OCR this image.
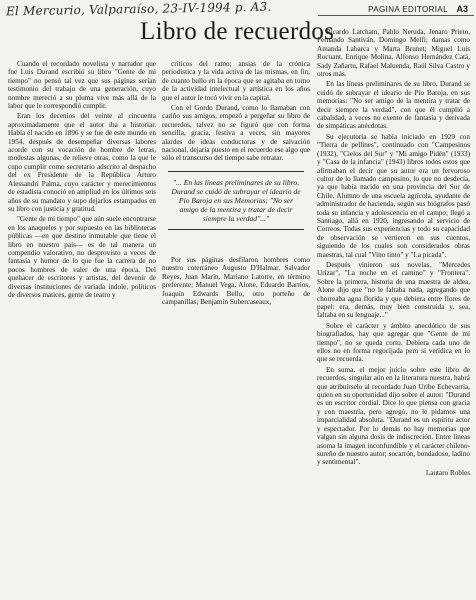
El Mercurio, Valparaíso, 23-IV-1994 p. A3.	PAGINA EDITORIAL A3
Libro de recuerdos

Cuando el recordado novelista y narrador que fue Luis Durand escribió su libro "Gente de mi tiempo" no pensó tal vez que sus páginas serían testimonio del trabajo de una generación, cuyo nombre mereció a su pluma vive más allá de la labor que le correspondió cumplir.

Eran los decenios del veinte al cincuenta aproximadamente que el autor iba a historiar. Había él nacido en 1896 y se fue de este mundo en 1954, después de desempeñar diversas labores acorde con su vocación de hombre de letras, modestas algunas, de relieve otras, como la que le cupo cumplir como secretario adscrito al despacho del ex Presidente de la República Arturo Alessandri Palma, cuyo carácter y merecimientos de estadista conoció en ampliud en los últimos seis años de su mandato y supo dejarlos estampados en su libro con justicia y gratitud.

"Gente de mi tiempo" que aún suele encontrarse en los anaqueles y por supuesto en las bibliotecas públicas —en que destino inmutable que tiene el libro en nuestro país— es de tal manera un compendio valorativo, no desprovisto a veces de fantasía y humor de lo que fue la carrera de no pocos hombres de valer de una época. Del quehacer de escritores y artistas, del devenir de diversas instituciones de variada índole, políticos de diversos matices, gente de teatro y

críticos del ramo; ansias de la crónica periodística y la vida activa de las mismas, en fin, de cuanto bullo en la época que se agitaba en torno de la actividad intelectual y artística en los años que el autor le tocó vivir en la capital.

Con el Gordo Durand, como lo llamaban con cariño sus amigos, empezó a pergeñar su libro de recuerdos, talvez no se figuró que con forma sencilla, gracia, festiva a veces, sin mayores alardes de ideas conductoras y de salvación nacional, dejaría puesto en el recuerdo ese algo que sólo el transcurso del tiempo sabe retratar.

"... En las líneas preliminares de su libro, Durand se cuidó de subrayar el ideario de Pío Baroja en sus Memorias: "No ser amigo de la mentira y tratar de decir siempre la verdad"..."

Por sus páginas desfilaron hombres como nuestro coterráneo Augusto D'Halmar, Salvador Reyes, Juan Marín, Mariano Latorre, en término preferente; Manuel Vega, Alone, Eduardo Barrios, Joaquín Edwards Bello, otro porteño de campanillas; Benjamín Subercaseaux,

Ricardo Latcham, Pablo Neruda, Jenaro Prieto, Fernando Santiván, Domingo Melfi; damas como Amanda Labarca y Marta Brunet; Miguel Luis Rocuant, Enrique Molina, Alfonso Hernández Catá, Sady Zañartu, Rafael Maluenda, Raúl Silva Castro y otros más.

En las líneas preliminares de su libro, Durand se cuidó de subrayar el ideario de Pío Baroja, en sus memorias: "No ser amigo de la mentira y tratar de decir siempre la verdad", con que él cumplió a cabalidad, a veces no exento de fantasía y derivada de simpáticas anécdotas.

Su ejecutoria se había iniciado en 1929 con "Tierra de pellines", continuado con "Campesinos (1932), "Cielos del Sur" y "Mi amigo Pidén" (1933) y "Casa de la infancia" (1943) libros todos estos que afirmaban el decir que su autor era un fervoroso cultor de lo llamado campesino, lo que no desdecía, ya que había nacido en una provincia del Sur de Chile. Alumno de una escuela agrícola, ayudante de administrador de hacienda, según sus biógrafos pasó toda su infancia y adolescencia en el campo; llegó a Santiago, allá en 1920, ingresando al servicio de Correos. Todas sus experiencias y todo su capacidad de observación se vertieron en sus cuentos, siguiendo de los cuales son considerados obras maestras, tal cual "Vino tinto" y "La picada".

Después vinieron sus novelas, "Mercedes Urízar", "La noche en el camino" y "Frontera". Sobre la primera, historia de una maestra de aldea, Alone dijo que "no le faltaba nada, agregando que chorreaba agua florida y que debiera entre flores de papel: era, demás, muy bien construida y, sea, faltaba en su lenguaje..."

Sobre el carácter y ámbito anecdótico de sus biografiados, hay que agregar que "Gente de mi tiempo", no se queda corto. Debiera cada uno de ellos no en forma regocijada pero sí verídica en lo que se recuerda.

En suma, el mejor juicio sobre este libro de recuerdos, singular aún en la literatura nuestra, habrá que atribuírselo al recordado Juan Uribe Echevarría, quien en su oportunidad dijo sobre el autor: "Durand es un escritor cordial. Dice lo que piensa con gracia y con maestría, pero agregó, no le pidamos una imparcialidad absoluta. "Durand es un espíritu actor y espectador. Por lo demás no hay memorias que valgan sin alguna dosis de indiscreción. Entre líneas asoma la imagen inconfundible y el carácter chileno-sureño de nuestro autor; socarrón, bondadoso, ladino y sentimental".

Lautaro Robles
